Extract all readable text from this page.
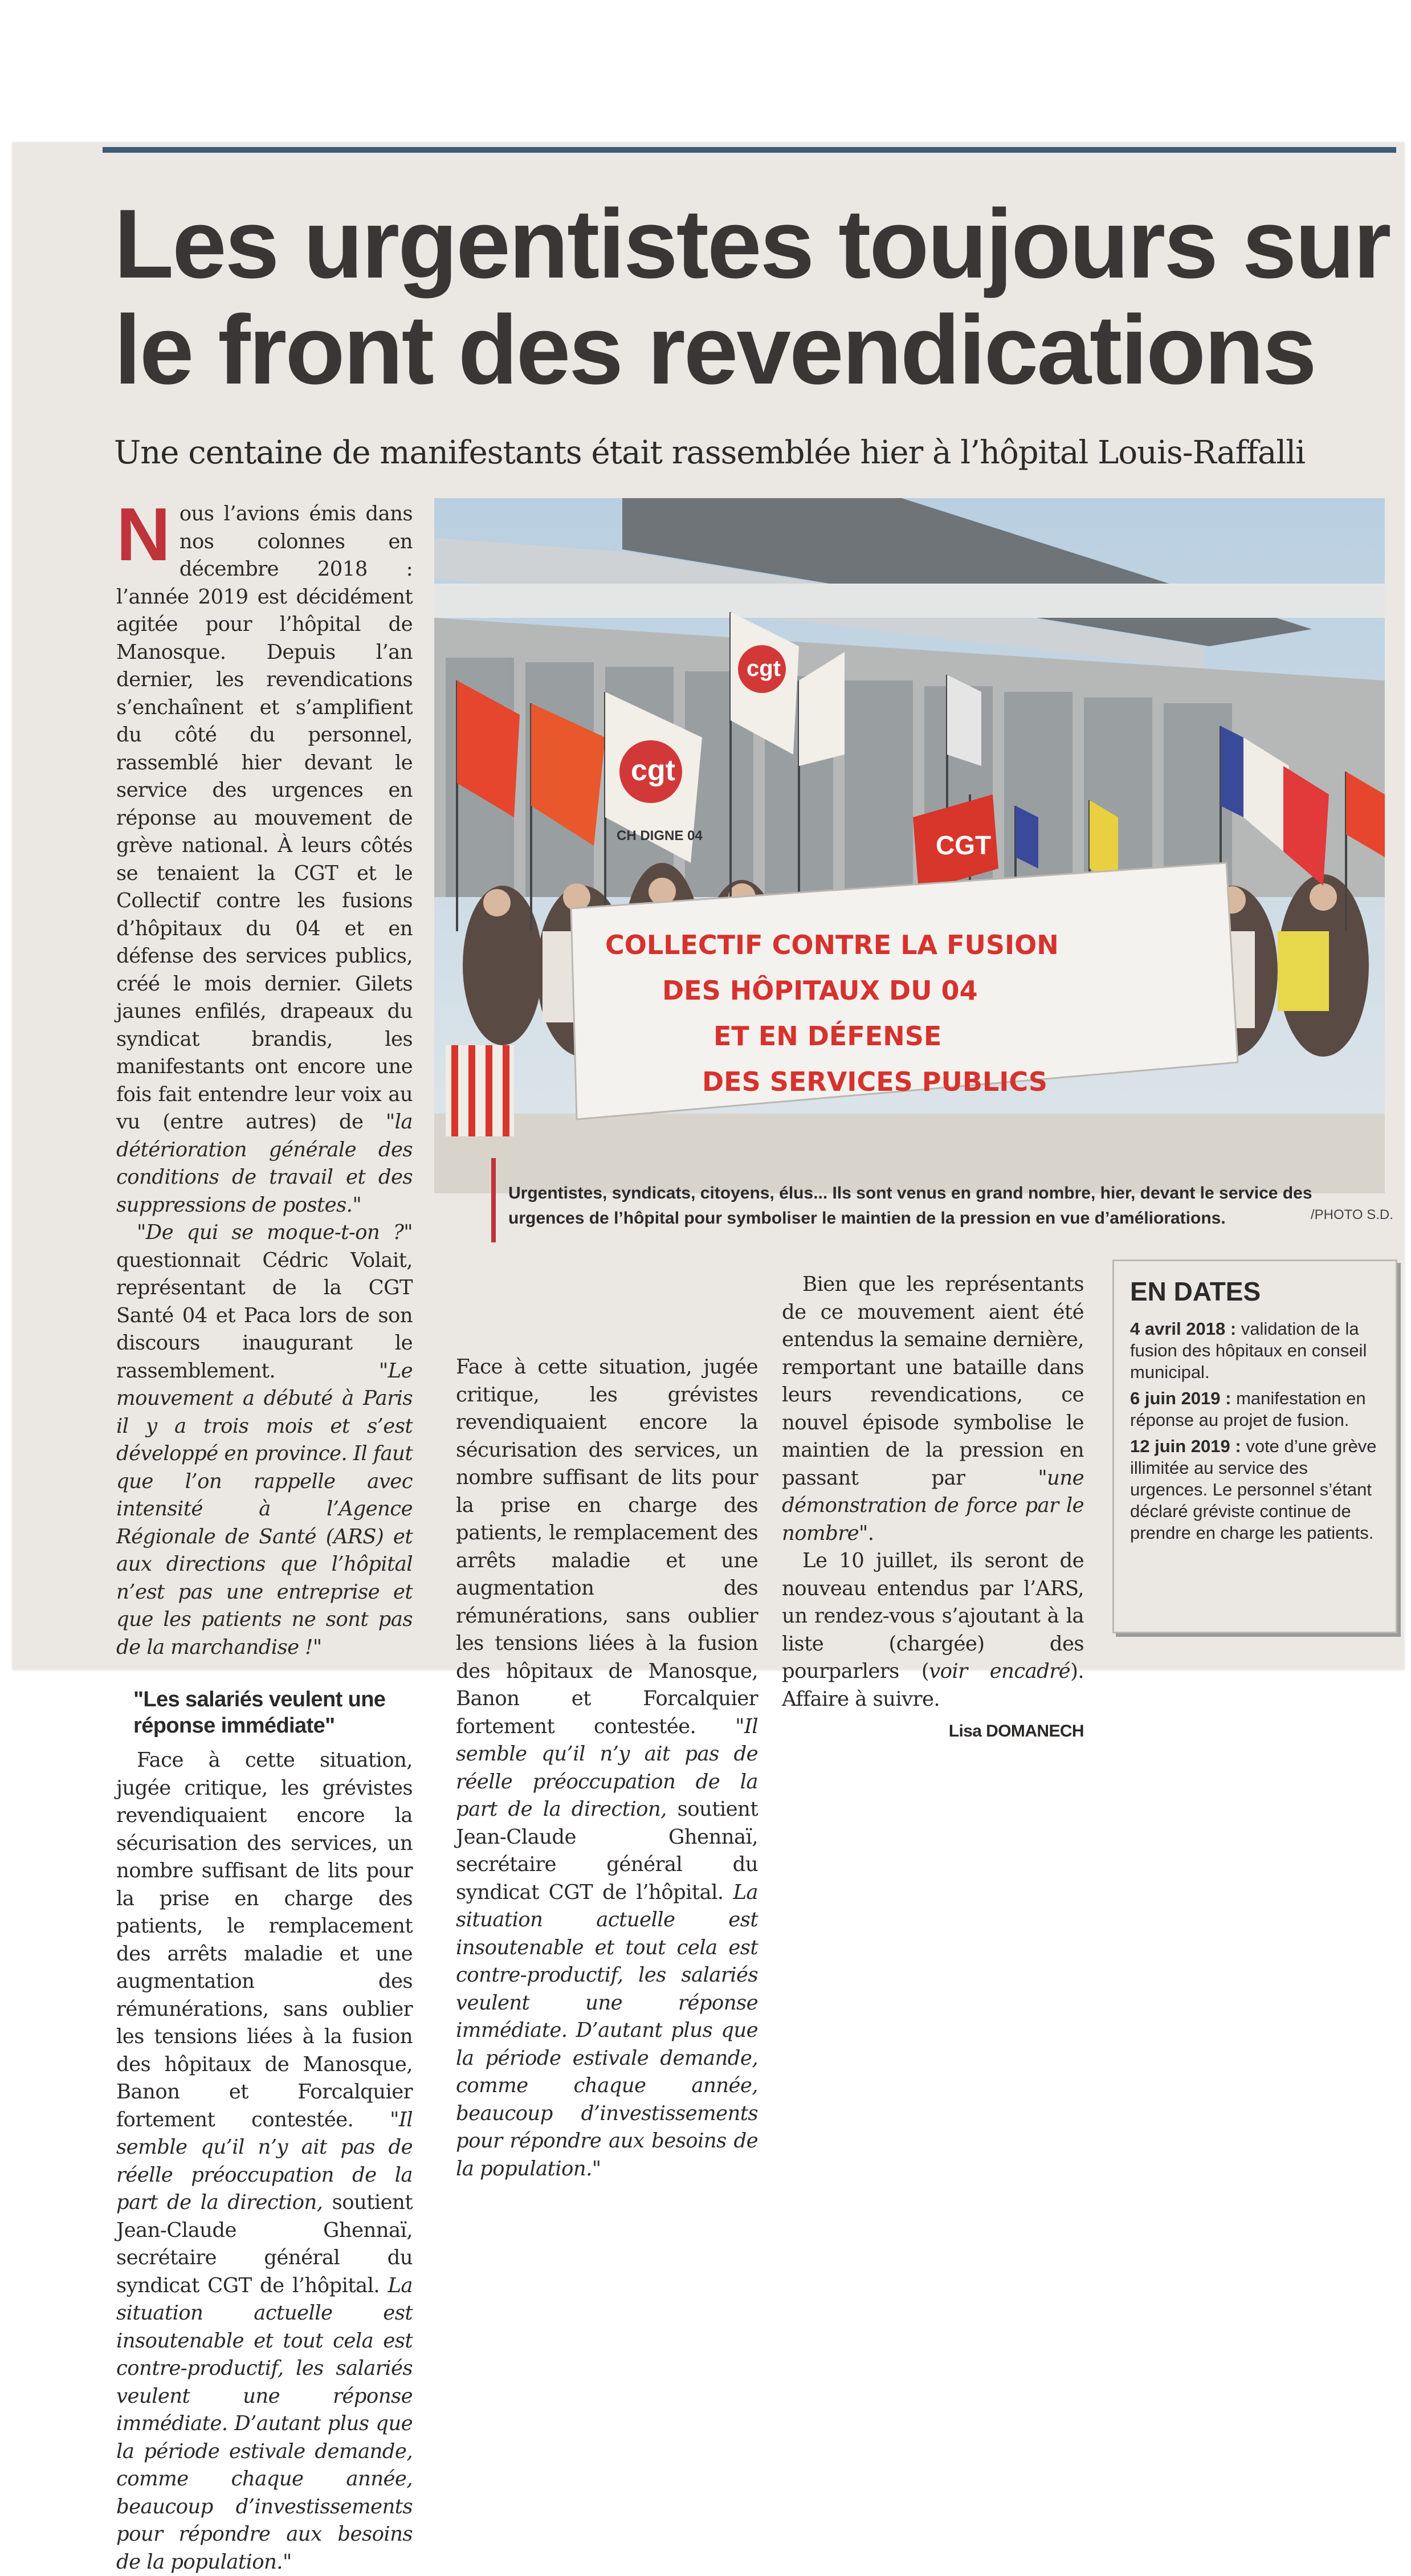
Les urgentistes toujours sur
le front des revendications

Une centaine de manifestants était rassemblée hier à l’hôpital Louis-Raffalli

Nous l’avions émis dans nos colonnes en décembre 2018 : l’année 2019 est décidément agitée pour l’hôpital de Manosque. Depuis l’an dernier, les revendications s’enchaînent et s’amplifient du côté du personnel, rassemblé hier devant le service des urgences en réponse au mouvement de grève national. À leurs côtés se tenaient la CGT et le Collectif contre les fusions d’hôpitaux du 04 et en défense des services publics, créé le mois dernier. Gilets jaunes enfilés, drapeaux du syndicat brandis, les manifestants ont encore une fois fait entendre leur voix au vu (entre autres) de "la détérioration générale des conditions de travail et des suppressions de postes."

"De qui se moque-t-on ?" questionnait Cédric Volait, représentant de la CGT Santé 04 et Paca lors de son discours inaugurant le rassemblement. "Le mouvement a débuté à Paris il y a trois mois et s’est développé en province. Il faut que l’on rappelle avec intensité à l’Agence Régionale de Santé (ARS) et aux directions que l’hôpital n’est pas une entreprise et que les patients ne sont pas de la marchandise !"

"Les salariés veulent une réponse immédiate"

Face à cette situation, jugée critique, les grévistes revendiquaient encore la sécurisation des services, un nombre suffisant de lits pour la prise en charge des patients, le remplacement des arrêts maladie et une augmentation des rémunérations, sans oublier les tensions liées à la fusion des hôpitaux de Manosque, Banon et Forcalquier fortement contestée. "Il semble qu’il n’y ait pas de réelle préoccupation de la part de la direction, soutient Jean-Claude Ghennaï, secrétaire général du syndicat CGT de l’hôpital. La situation actuelle est insoutenable et tout cela est contre-productif, les salariés veulent une réponse immédiate. D’autant plus que la période estivale demande, comme chaque année, beaucoup d’investissements pour répondre aux besoins de la population."

Bien que les représentants de ce mouvement aient été entendus la semaine dernière, remportant une bataille dans leurs revendications, ce nouvel épisode symbolise le maintien de la pression en passant par "une démonstration de force par le nombre".

Le 10 juillet, ils seront de nouveau entendus par l’ARS, un rendez-vous s’ajoutant à la liste (chargée) des pourparlers (voir encadré). Affaire à suivre.

Lisa DOMANECH

cgt
CH DIGNE 04
cgt
CGT
COLLECTIF CONTRE LA FUSION
DES HÔPITAUX DU 04
ET EN DÉFENSE
DES SERVICES PUBLICS

Urgentistes, syndicats, citoyens, élus... Ils sont venus en grand nombre, hier, devant le service des urgences de l’hôpital pour symboliser le maintien de la pression en vue d’améliorations.	/PHOTO S.D.
EN DATES
4 avril 2018 : validation de la fusion des hôpitaux en conseil municipal.
6 juin 2019 : manifestation en réponse au projet de fusion.
12 juin 2019 : vote d’une grève illimitée au service des urgences. Le personnel s’étant déclaré gréviste continue de prendre en charge les patients.

Face à cette situation, jugée critique, les grévistes revendiquaient encore la sécurisation des services, un nombre suffisant de lits pour la prise en charge des patients, le remplacement des arrêts maladie et une augmentation des rémunérations, sans oublier les tensions liées à la fusion des hôpitaux de Manosque, Banon et Forcalquier fortement contestée. "Il semble qu’il n’y ait pas de réelle préoccupation de la part de la direction, soutient Jean-Claude Ghennaï, secrétaire général du syndicat CGT de l’hôpital. La situation actuelle est insoutenable et tout cela est contre-productif, les salariés veulent une réponse immédiate. D’autant plus que la période estivale demande, comme chaque année, beaucoup d’investissements pour répondre aux besoins de la population."
